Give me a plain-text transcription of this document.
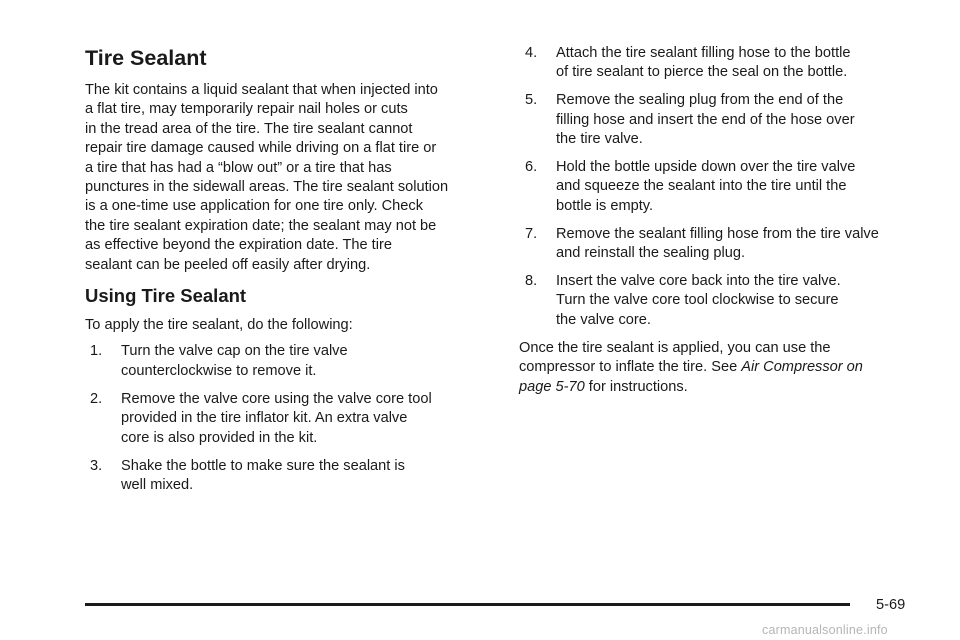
Tire Sealant

The kit contains a liquid sealant that when injected into
a flat tire, may temporarily repair nail holes or cuts
in the tread area of the tire. The tire sealant cannot
repair tire damage caused while driving on a flat tire or
a tire that has had a “blow out” or a tire that has
punctures in the sidewall areas. The tire sealant solution
is a one-time use application for one tire only. Check
the tire sealant expiration date; the sealant may not be
as effective beyond the expiration date. The tire
sealant can be peeled off easily after drying.

Using Tire Sealant

To apply the tire sealant, do the following:

1. Turn the valve cap on the tire valve
counterclockwise to remove it.
2. Remove the valve core using the valve core tool
provided in the tire inflator kit. An extra valve
core is also provided in the kit.
3. Shake the bottle to make sure the sealant is
well mixed.
4. Attach the tire sealant filling hose to the bottle
of tire sealant to pierce the seal on the bottle.
5. Remove the sealing plug from the end of the
filling hose and insert the end of the hose over
the tire valve.
6. Hold the bottle upside down over the tire valve
and squeeze the sealant into the tire until the
bottle is empty.
7. Remove the sealant filling hose from the tire valve
and reinstall the sealing plug.
8. Insert the valve core back into the tire valve.
Turn the valve core tool clockwise to secure
the valve core.

Once the tire sealant is applied, you can use the
compressor to inflate the tire. See Air Compressor on
page 5-70 for instructions.

5-69
carmanualsonline.info
